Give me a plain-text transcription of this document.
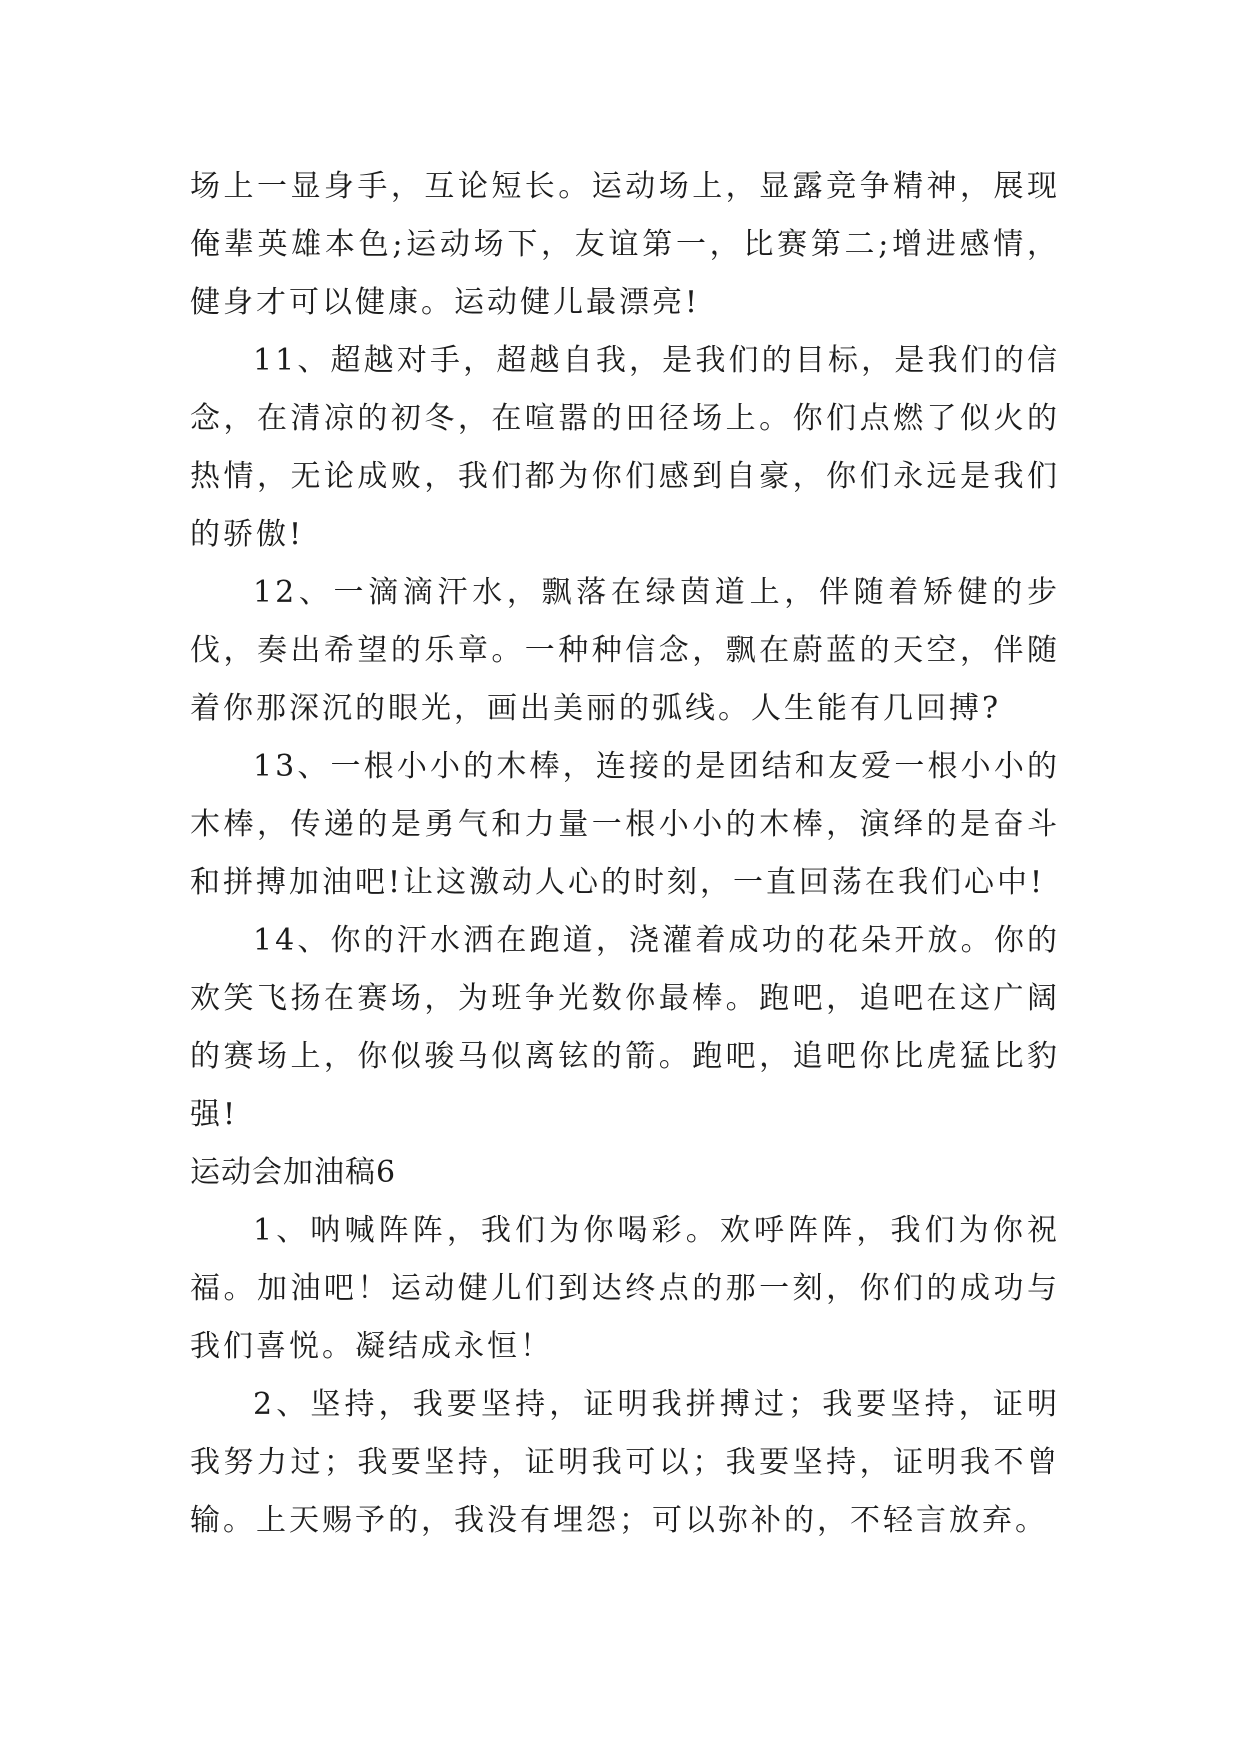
场上一显身手，互论短长。运动场上，显露竞争精神，展现俺辈英雄本色;运动场下，友谊第一，比赛第二;增进感情，健身才可以健康。运动健儿最漂亮!

11、超越对手，超越自我，是我们的目标，是我们的信念，在清凉的初冬，在喧嚣的田径场上。你们点燃了似火的热情，无论成败，我们都为你们感到自豪，你们永远是我们的骄傲!

12、一滴滴汗水，飘落在绿茵道上，伴随着矫健的步伐，奏出希望的乐章。一种种信念，飘在蔚蓝的天空，伴随着你那深沉的眼光，画出美丽的弧线。人生能有几回搏?

13、一根小小的木棒，连接的是团结和友爱一根小小的木棒，传递的是勇气和力量一根小小的木棒，演绎的是奋斗和拼搏加油吧!让这激动人心的时刻，一直回荡在我们心中!

14、你的汗水洒在跑道，浇灌着成功的花朵开放。你的欢笑飞扬在赛场，为班争光数你最棒。跑吧，追吧在这广阔的赛场上，你似骏马似离铉的箭。跑吧，追吧你比虎猛比豹强!

运动会加油稿6

1、呐喊阵阵，我们为你喝彩。欢呼阵阵，我们为你祝福。加油吧！运动健儿们到达终点的那一刻，你们的成功与我们喜悦。凝结成永恒！

2、坚持，我要坚持，证明我拼搏过；我要坚持，证明我努力过；我要坚持，证明我可以；我要坚持，证明我不曾输。上天赐予的，我没有埋怨；可以弥补的，不轻言放弃。
